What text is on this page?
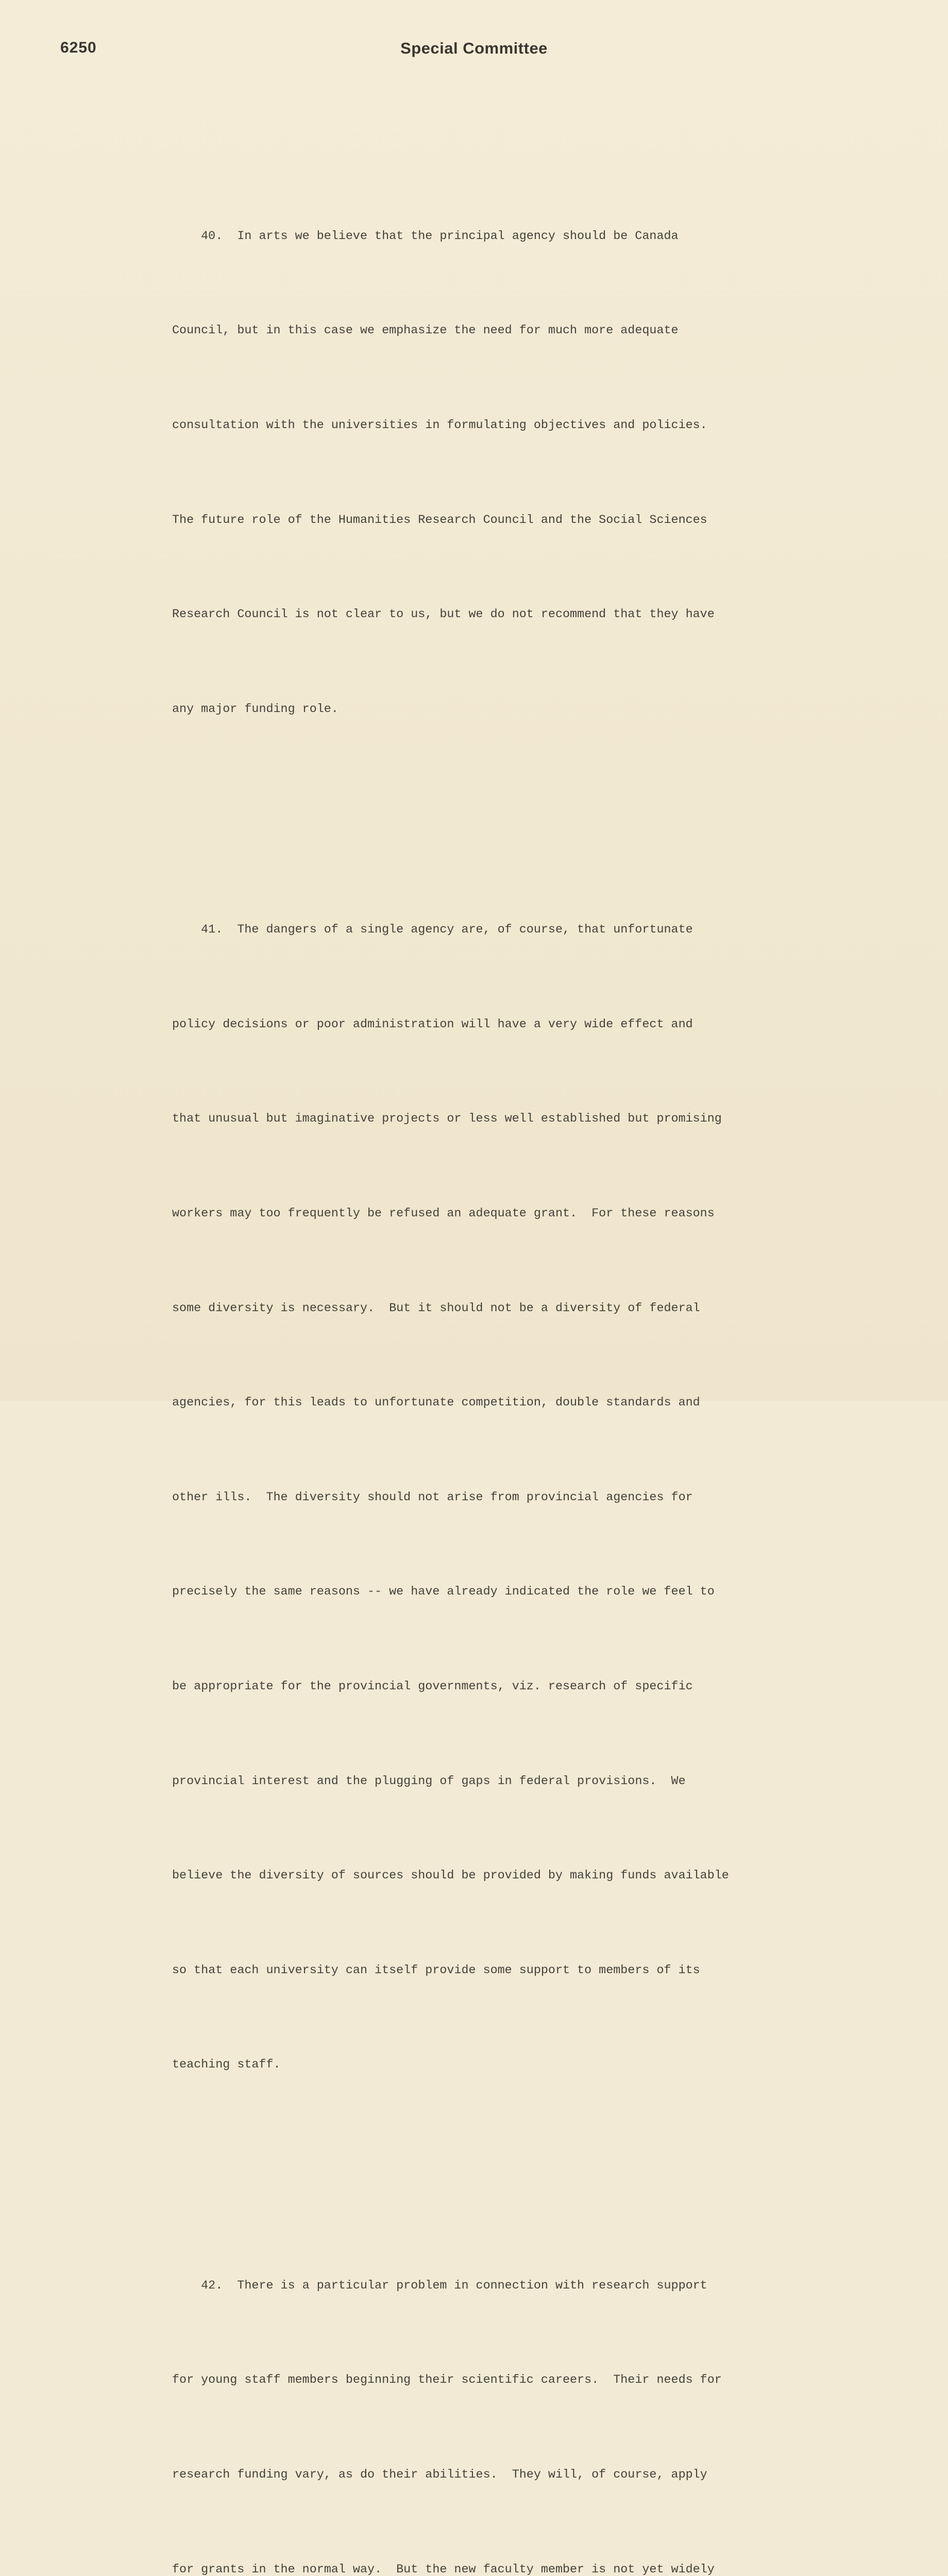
6250	Special Committee

40.  In arts we believe that the principal agency should be Canada

Council, but in this case we emphasize the need for much more adequate

consultation with the universities in formulating objectives and policies.

The future role of the Humanities Research Council and the Social Sciences

Research Council is not clear to us, but we do not recommend that they have

any major funding role.

41.  The dangers of a single agency are, of course, that unfortunate

policy decisions or poor administration will have a very wide effect and

that unusual but imaginative projects or less well established but promising

workers may too frequently be refused an adequate grant.  For these reasons

some diversity is necessary.  But it should not be a diversity of federal

agencies, for this leads to unfortunate competition, double standards and

other ills.  The diversity should not arise from provincial agencies for

precisely the same reasons -- we have already indicated the role we feel to

be appropriate for the provincial governments, viz. research of specific

provincial interest and the plugging of gaps in federal provisions.  We

believe the diversity of sources should be provided by making funds available

so that each university can itself provide some support to members of its

teaching staff.

42.  There is a particular problem in connection with research support

for young staff members beginning their scientific careers.  Their needs for

research funding vary, as do their abilities.  They will, of course, apply

for grants in the normal way.  But the new faculty member is not yet widely
